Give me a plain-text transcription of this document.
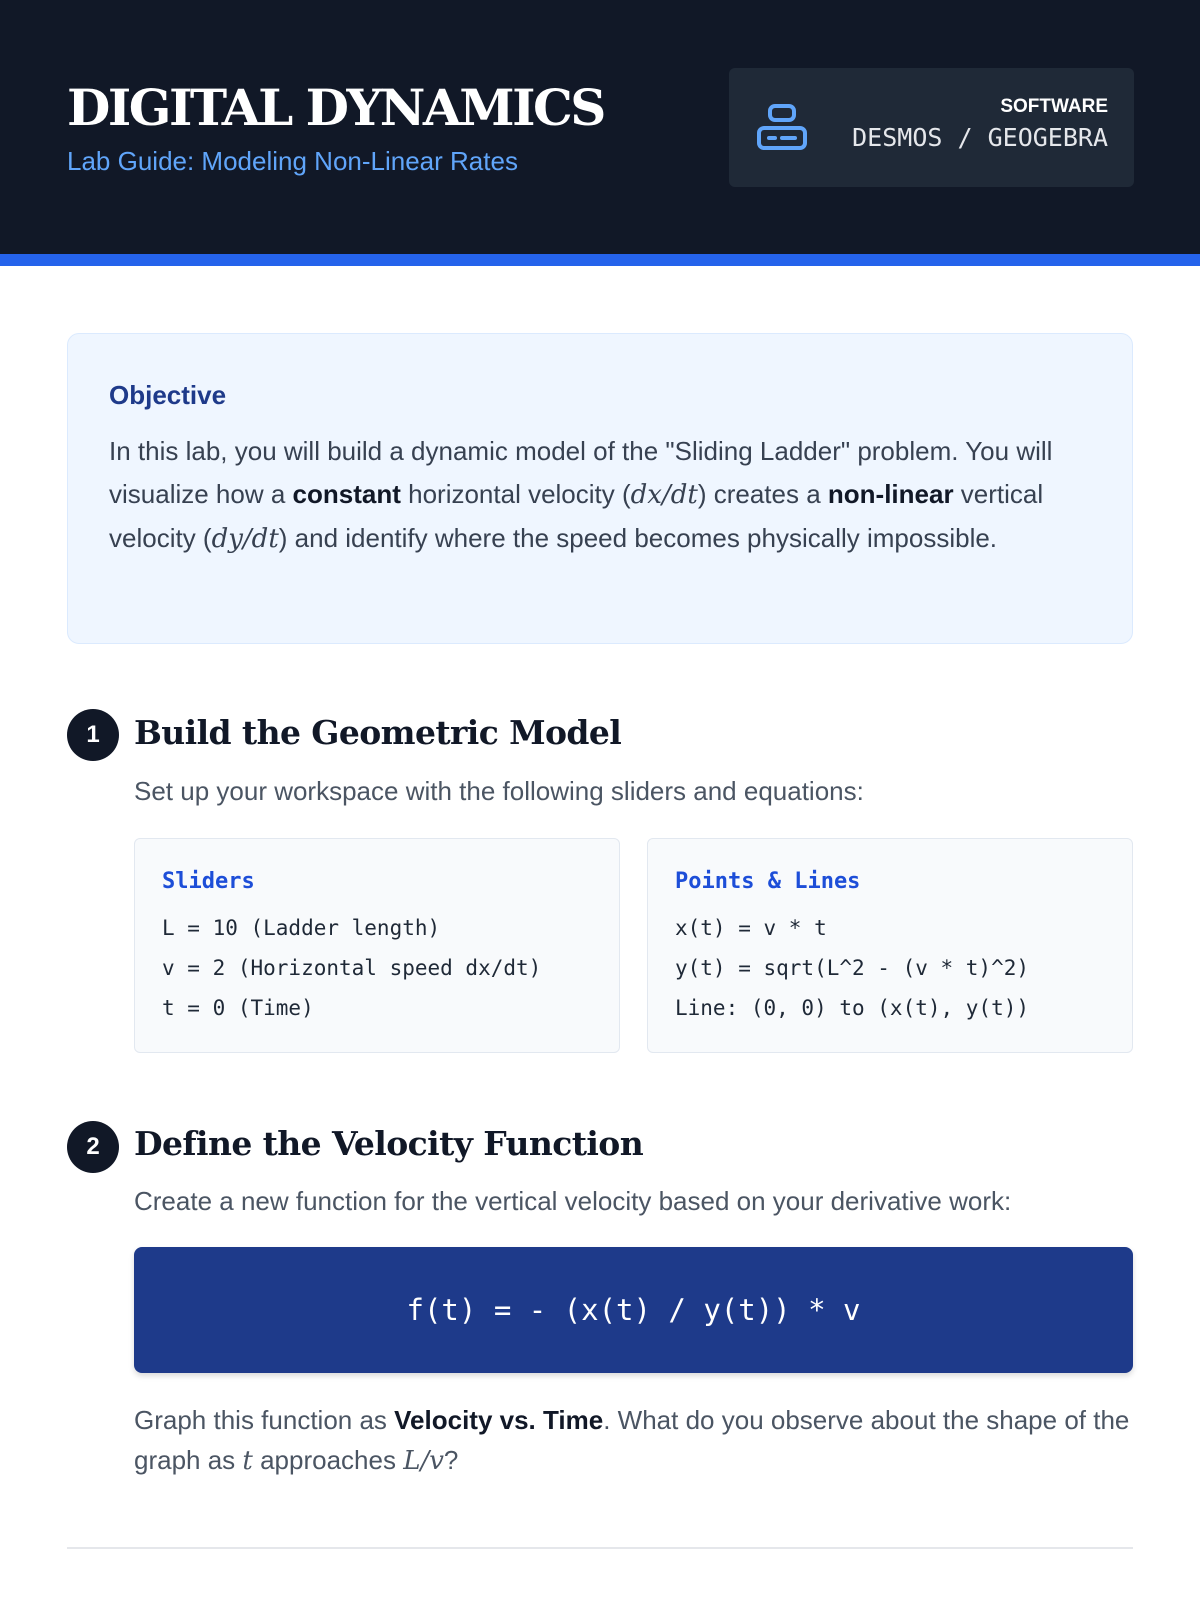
DIGITAL DYNAMICS
Lab Guide: Modeling Non-Linear Rates
SOFTWARE
DESMOS / GEOGEBRA
Objective
In this lab, you will build a dynamic model of the "Sliding Ladder" problem. You will visualize how a constant horizontal velocity (dx/dt) creates a non-linear vertical velocity (dy/dt) and identify where the speed becomes physically impossible.
1	Build the Geometric Model
Set up your workspace with the following sliders and equations:
Sliders
L = 10 (Ladder length)
v = 2 (Horizontal speed dx/dt)
t = 0 (Time)
Points & Lines
x(t) = v * t
y(t) = sqrt(L^2 - (v * t)^2)
Line: (0, 0) to (x(t), y(t))
2	Define the Velocity Function
Create a new function for the vertical velocity based on your derivative work:
f(t) = - (x(t) / y(t)) * v
Graph this function as Velocity vs. Time. What do you observe about the shape of the graph as t approaches L/v?
